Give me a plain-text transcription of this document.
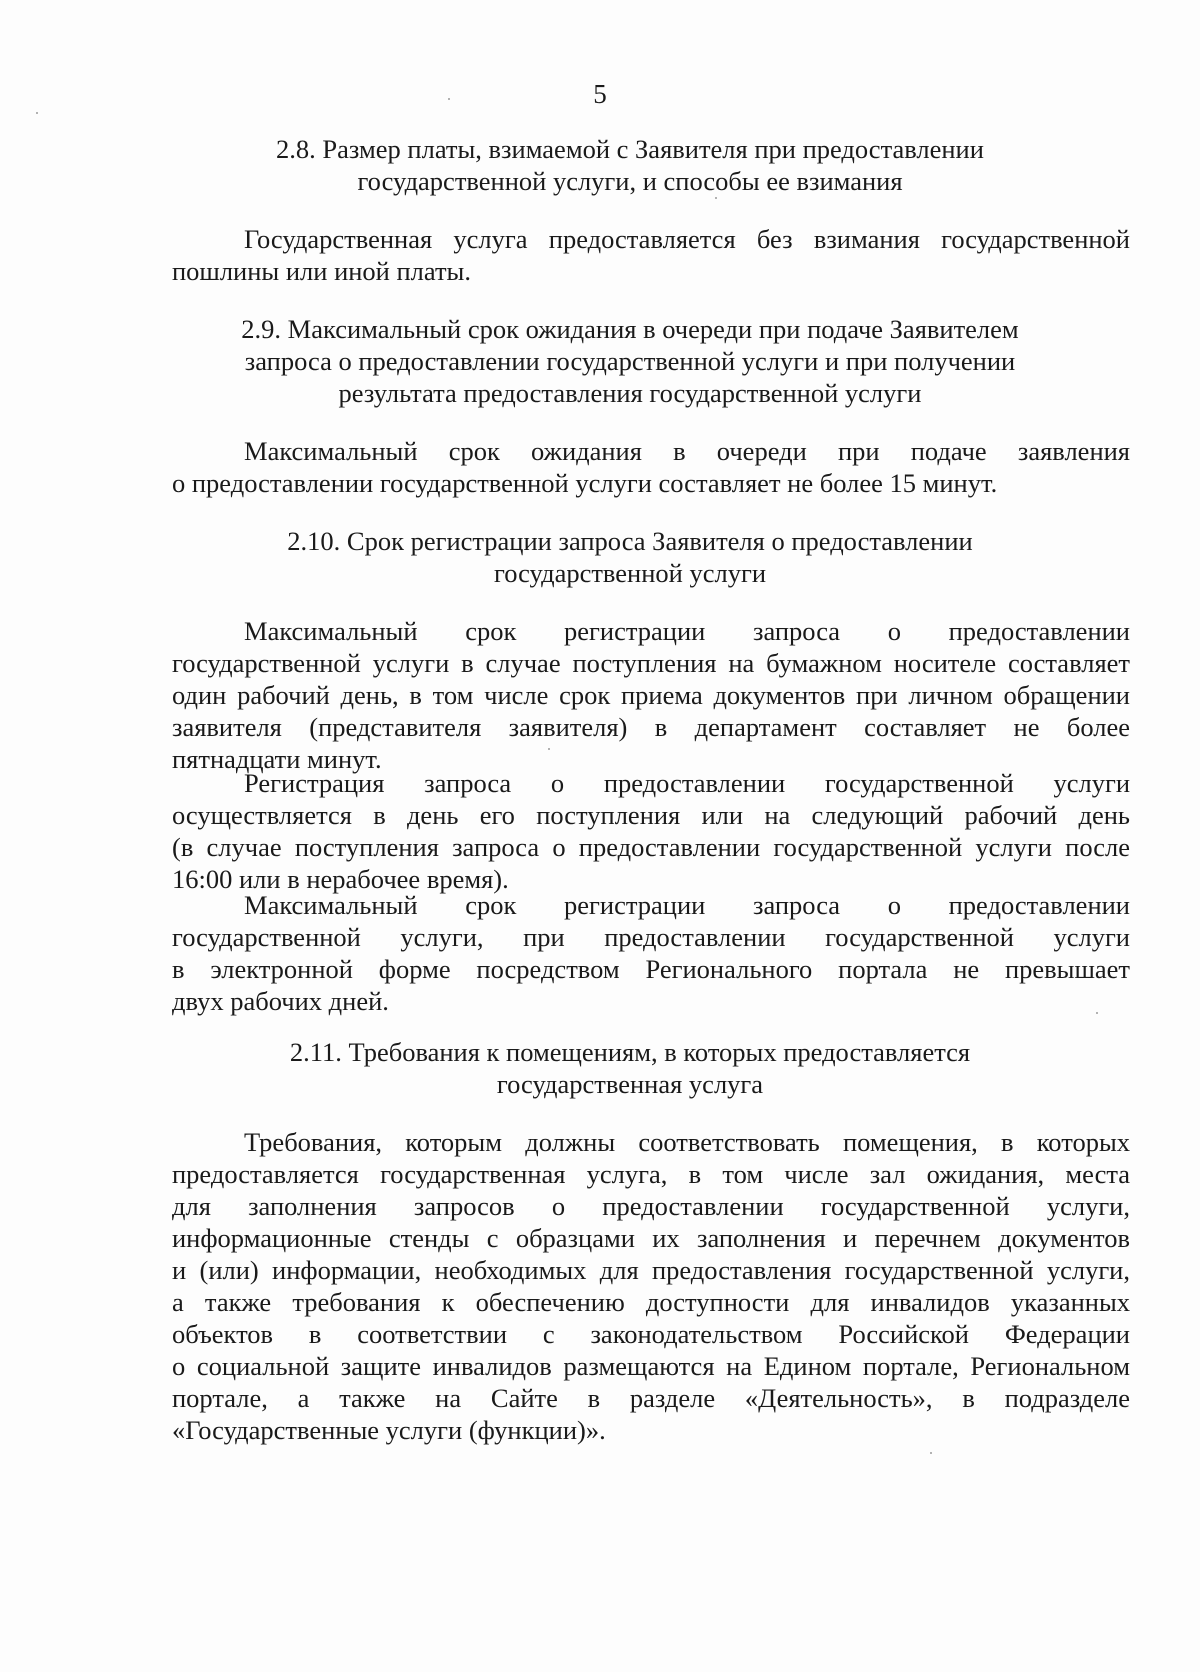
5
2.8. Размер платы, взимаемой с Заявителя при предоставлении
государственной услуги, и способы ее взимания
Государственная услуга предоставляется без взимания государственной
пошлины или иной платы.
2.9. Максимальный срок ожидания в очереди при подаче Заявителем
запроса о предоставлении государственной услуги и при получении
результата предоставления государственной услуги
Максимальный срок ожидания в очереди при подаче заявления
о предоставлении государственной услуги составляет не более 15 минут.
2.10. Срок регистрации запроса Заявителя о предоставлении
государственной услуги
Максимальный срок регистрации запроса о предоставлении
государственной услуги в случае поступления на бумажном носителе составляет
один рабочий день, в том числе срок приема документов при личном обращении
заявителя (представителя заявителя) в департамент составляет не более
пятнадцати минут.
Регистрация запроса о предоставлении государственной услуги
осуществляется в день его поступления или на следующий рабочий день
(в случае поступления запроса о предоставлении государственной услуги после
16:00 или в нерабочее время).
Максимальный срок регистрации запроса о предоставлении
государственной услуги, при предоставлении государственной услуги
в электронной форме посредством Регионального портала не превышает
двух рабочих дней.
2.11. Требования к помещениям, в которых предоставляется
государственная услуга
Требования, которым должны соответствовать помещения, в которых
предоставляется государственная услуга, в том числе зал ожидания, места
для заполнения запросов о предоставлении государственной услуги,
информационные стенды с образцами их заполнения и перечнем документов
и (или) информации, необходимых для предоставления государственной услуги,
а также требования к обеспечению доступности для инвалидов указанных
объектов в соответствии с законодательством Российской Федерации
о социальной защите инвалидов размещаются на Едином портале, Региональном
портале, а также на Сайте в разделе «Деятельность», в подразделе
«Государственные услуги (функции)».
